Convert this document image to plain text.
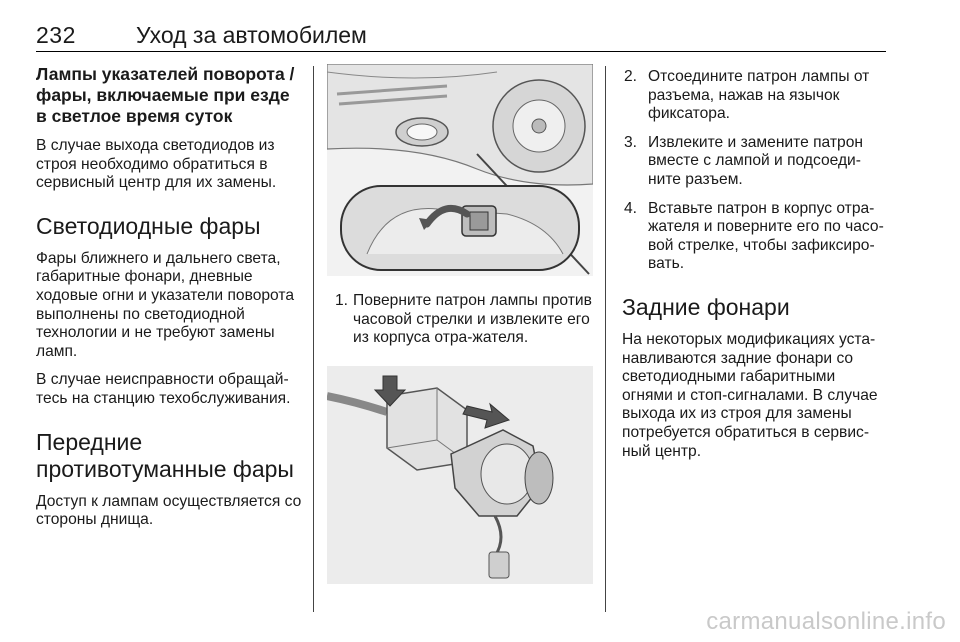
232	Уход за автомобилем
Лампы указателей поворота / фары, включаемые при езде в светлое время суток
В случае выхода светодиодов из строя необходимо обратиться в сервисный центр для их замены.
Светодиодные фары
Фары ближнего и дальнего света, габаритные фонари, дневные ходовые огни и указатели поворота выполнены по светодиодной технологии и не требуют замены ламп.
В случае неисправности обращай-тесь на станцию техобслуживания.
Передние противотуманные фары
Доступ к лампам осуществляется со стороны днища.
1. Поверните патрон лампы против часовой стрелки и извлеките его из корпуса отра-жателя.
2. Отсоедините патрон лампы от разъема, нажав на язычок фиксатора.
3. Извлеките и замените патрон вместе с лампой и подсоеди-ните разъем.
4. Вставьте патрон в корпус отра-жателя и поверните его по часо-вой стрелке, чтобы зафиксиро-вать.
Задние фонари
На некоторых модификациях уста-навливаются задние фонари со светодиодными габаритными огнями и стоп-сигналами. В случае выхода их из строя для замены потребуется обратиться в сервис-ный центр.
carmanualsonline.info
